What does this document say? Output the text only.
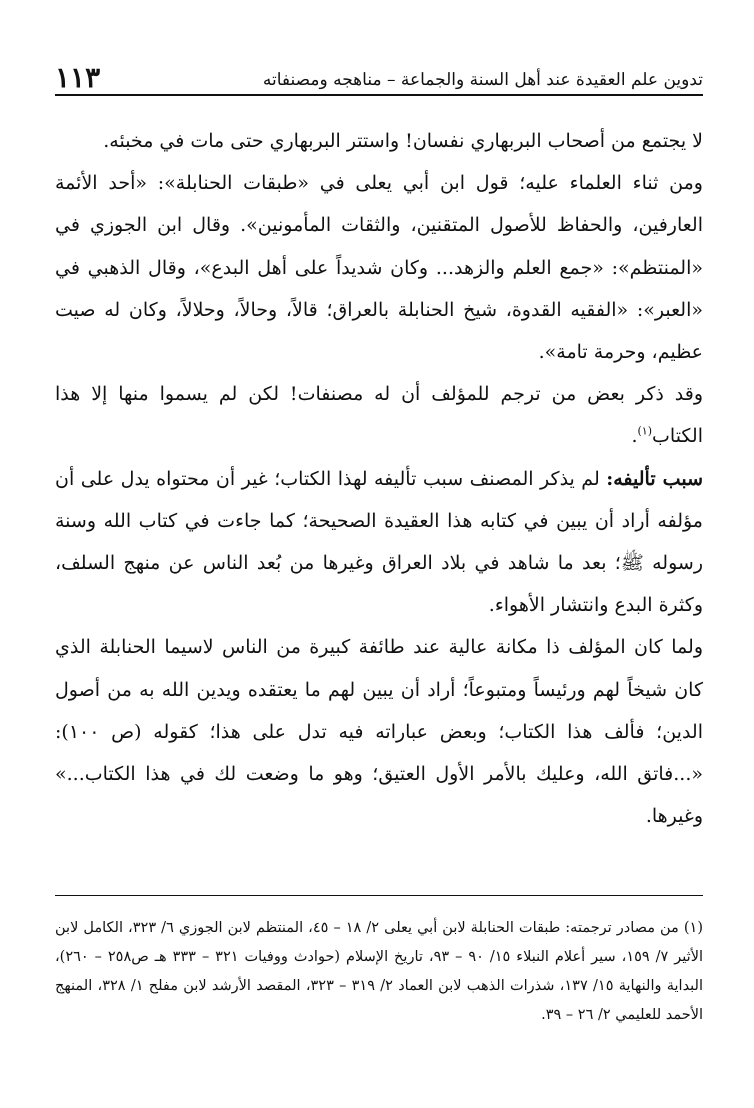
تدوين علم العقيدة عند أهل السنة والجماعة – مناهجه ومصنفاته
١١٣

لا يجتمع من أصحاب البربهاري نفسان! واستتر البربهاري حتى مات في مخبئه.

ومن ثناء العلماء عليه؛ قول ابن أبي يعلى في «طبقات الحنابلة»: «أحد الأئمة العارفين، والحفاظ للأصول المتقنين، والثقات المأمونين». وقال ابن الجوزي في «المنتظم»: «جمع العلم والزهد... وكان شديداً على أهل البدع»، وقال الذهبي في «العبر»: «الفقيه القدوة، شيخ الحنابلة بالعراق؛ قالاً، وحالاً، وحلالاً، وكان له صيت عظيم، وحرمة تامة».

وقد ذكر بعض من ترجم للمؤلف أن له مصنفات! لكن لم يسموا منها إلا هذا الكتاب$^{(١)}$.

سبب تأليفه: لم يذكر المصنف سبب تأليفه لهذا الكتاب؛ غير أن محتواه يدل على أن مؤلفه أراد أن يبين في كتابه هذا العقيدة الصحيحة؛ كما جاءت في كتاب الله وسنة رسوله ﷺ؛ بعد ما شاهد في بلاد العراق وغيرها من بُعد الناس عن منهج السلف، وكثرة البدع وانتشار الأهواء.

ولما كان المؤلف ذا مكانة عالية عند طائفة كبيرة من الناس لاسيما الحنابلة الذي كان شيخاً لهم ورئيساً ومتبوعاً؛ أراد أن يبين لهم ما يعتقده ويدين الله به من أصول الدين؛ فألف هذا الكتاب؛ وبعض عباراته فيه تدل على هذا؛ كقوله (ص ١٠٠): «...فاتق الله، وعليك بالأمر الأول العتيق؛ وهو ما وضعت لك في هذا الكتاب...» وغيرها.

(١) من مصادر ترجمته: طبقات الحنابلة لابن أبي يعلى ٢/ ١٨ – ٤٥، المنتظم لابن الجوزي ٦/ ٣٢٣، الكامل لابن الأثير ٧/ ١٥٩، سير أعلام النبلاء ١٥/ ٩٠ – ٩٣، تاريخ الإسلام (حوادث ووفيات ٣٢١ – ٣٣٣ هـ ص٢٥٨ – ٢٦٠)، البداية والنهاية ١٥/ ١٣٧، شذرات الذهب لابن العماد ٢/ ٣١٩ – ٣٢٣، المقصد الأرشد لابن مفلح ١/ ٣٢٨، المنهج الأحمد للعليمي ٢/ ٢٦ – ٣٩.
